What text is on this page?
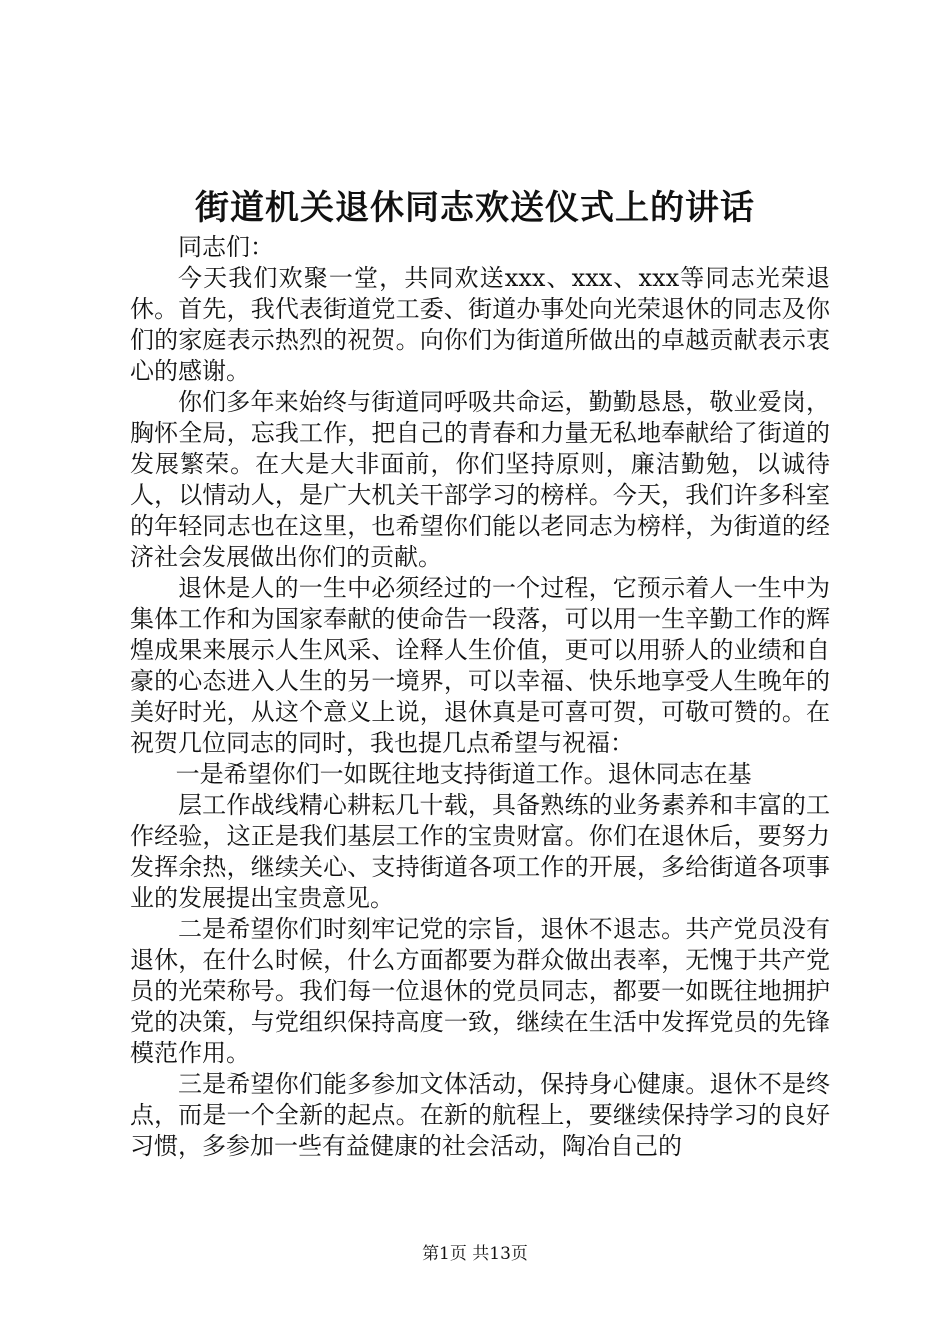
街道机关退休同志欢送仪式上的讲话

同志们：

今天我们欢聚一堂，共同欢送xxx、xxx、xxx等同志光荣退休。首先，我代表街道党工委、街道办事处向光荣退休的同志及你们的家庭表示热烈的祝贺。向你们为街道所做出的卓越贡献表示衷心的感谢。

你们多年来始终与街道同呼吸共命运，勤勤恳恳，敬业爱岗，胸怀全局，忘我工作，把自己的青春和力量无私地奉献给了街道的发展繁荣。在大是大非面前，你们坚持原则，廉洁勤勉，以诚待人，以情动人，是广大机关干部学习的榜样。今天，我们许多科室的年轻同志也在这里，也希望你们能以老同志为榜样，为街道的经济社会发展做出你们的贡献。

退休是人的一生中必须经过的一个过程，它预示着人一生中为集体工作和为国家奉献的使命告一段落，可以用一生辛勤工作的辉煌成果来展示人生风采、诠释人生价值，更可以用骄人的业绩和自豪的心态进入人生的另一境界，可以幸福、快乐地享受人生晚年的美好时光，从这个意义上说，退休真是可喜可贺，可敬可赞的。在祝贺几位同志的同时，我也提几点希望与祝福：

一是希望你们一如既往地支持街道工作。退休同志在基

层工作战线精心耕耘几十载，具备熟练的业务素养和丰富的工作经验，这正是我们基层工作的宝贵财富。你们在退休后，要努力发挥余热，继续关心、支持街道各项工作的开展，多给街道各项事业的发展提出宝贵意见。

二是希望你们时刻牢记党的宗旨，退休不退志。共产党员没有退休，在什么时候，什么方面都要为群众做出表率，无愧于共产党员的光荣称号。我们每一位退休的党员同志，都要一如既往地拥护党的决策，与党组织保持高度一致，继续在生活中发挥党员的先锋模范作用。

三是希望你们能多参加文体活动，保持身心健康。退休不是终点，而是一个全新的起点。在新的航程上，要继续保持学习的良好习惯，多参加一些有益健康的社会活动，陶冶自己的

第1页 共13页
